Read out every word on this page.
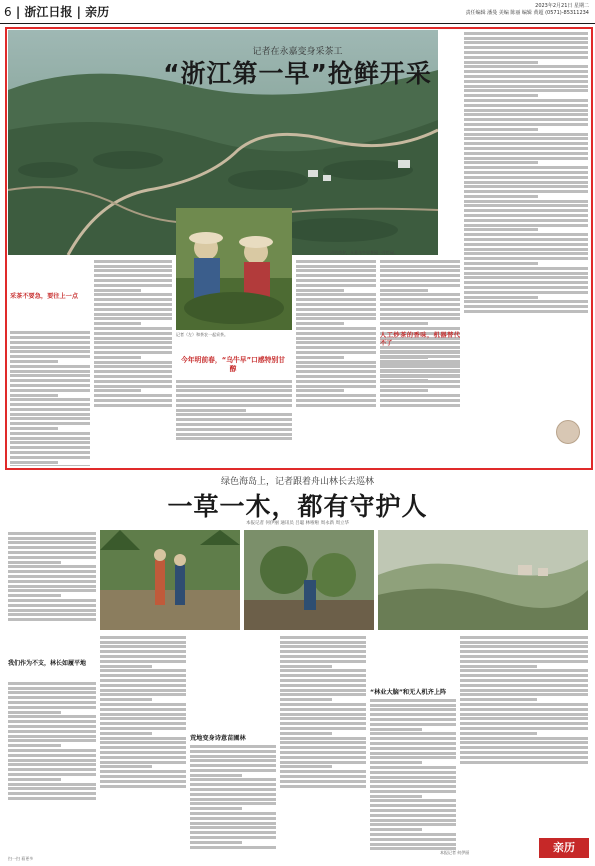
6 | 浙江日报 | 亲历	2023年2月21日 星期二
责任编辑 潘曼 美编 陈丽 编辑 黄超 (0571)-85311234
清明前夕，永嘉乌牛早茶园一片忙碌。
记者在永嘉变身采茶工
“浙江第一早”抢鲜开采

采茶不要急，要往上一点

记者（左）和茶农一起采茶。
今年明前春，“乌牛早”口感特别甘醇
人工炒茶的香味，机器替代不了
绿色海岛上，记者跟着舟山林长去巡林
一草一木，都有守护人
本报记者 何伊丽 通讯员 吕聪 林啦啦 周永新 周立华
我们作为不支，林长如履平地

荒地变身诗意苗圃林

“林业大脑”和无人机齐上阵
扫一扫 看更多
本报记者 何伊丽	亲历
